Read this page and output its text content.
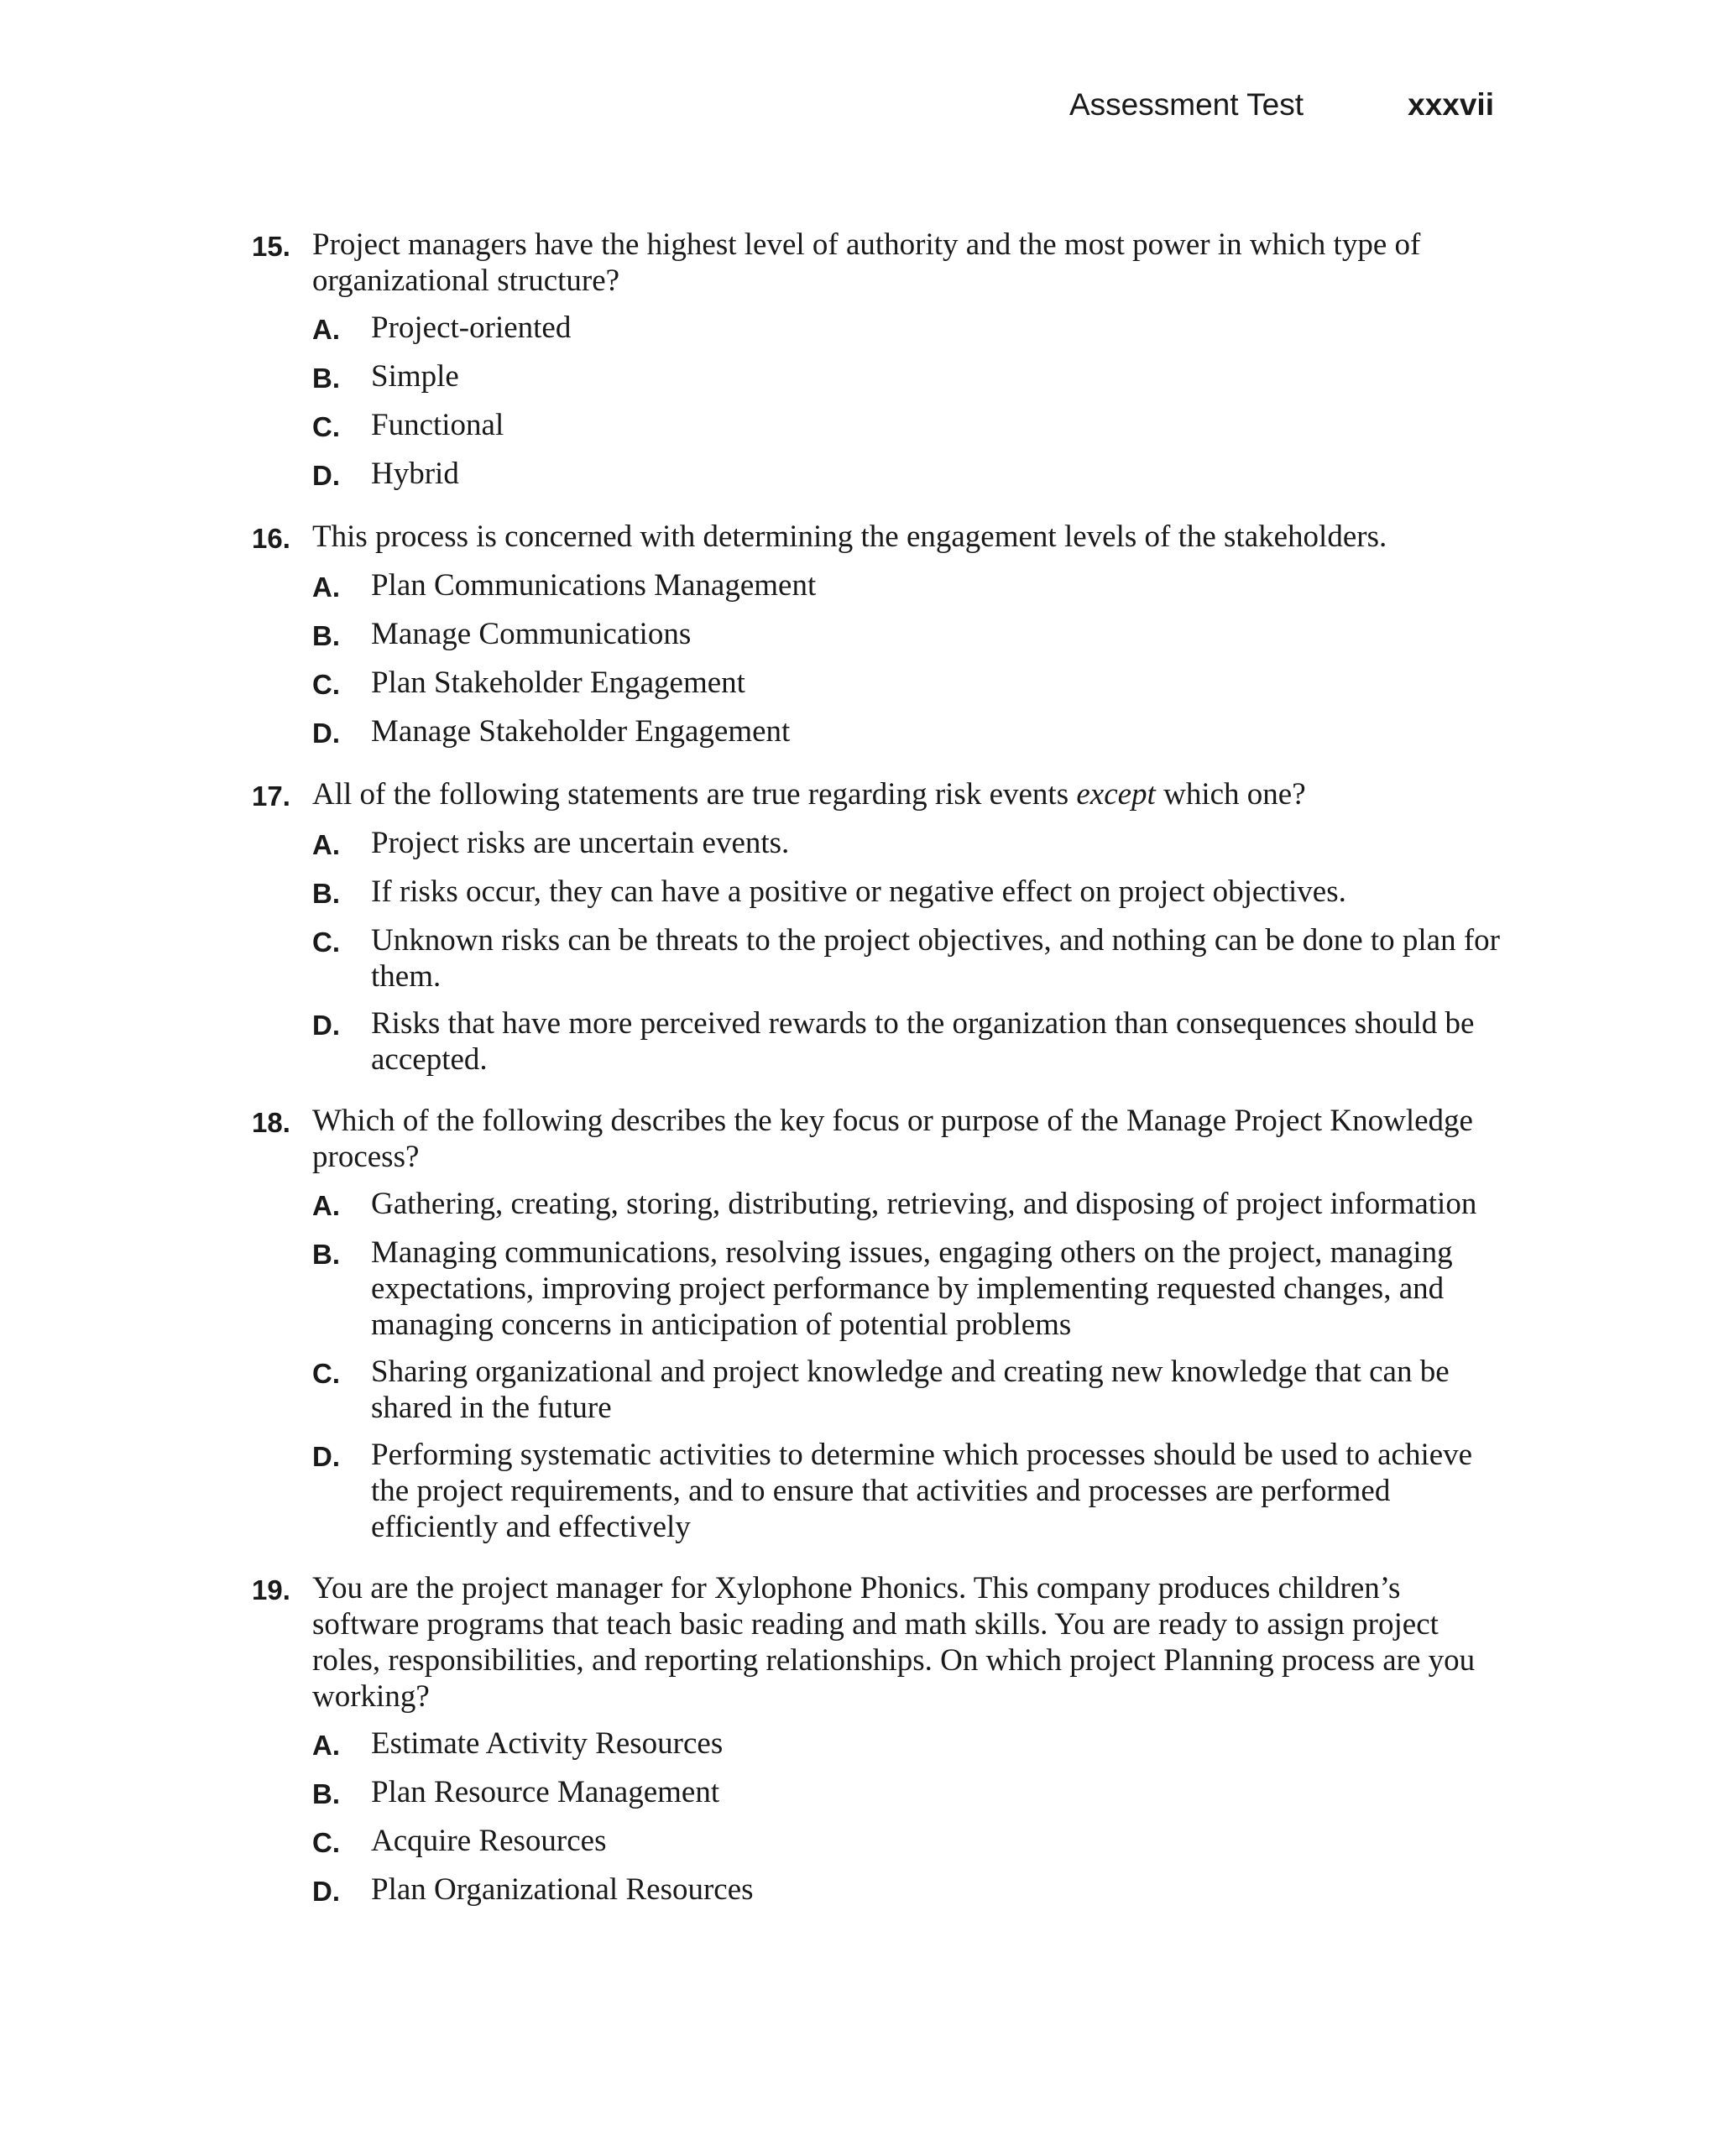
Assessment Test	xxxvii
15. Project managers have the highest level of authority and the most power in which type of organizational structure?
A.	Project-oriented
B.	Simple
C.	Functional
D.	Hybrid
16. This process is concerned with determining the engagement levels of the stakeholders.
A.	Plan Communications Management
B.	Manage Communications
C.	Plan Stakeholder Engagement
D.	Manage Stakeholder Engagement
17. All of the following statements are true regarding risk events except which one?
A.	Project risks are uncertain events.
B.	If risks occur, they can have a positive or negative effect on project objectives.
C.	Unknown risks can be threats to the project objectives, and nothing can be done to plan for them.
D.	Risks that have more perceived rewards to the organization than consequences should be accepted.
18. Which of the following describes the key focus or purpose of the Manage Project Knowledge process?
A.	Gathering, creating, storing, distributing, retrieving, and disposing of project information
B.	Managing communications, resolving issues, engaging others on the project, managing expectations, improving project performance by implementing requested changes, and managing concerns in anticipation of potential problems
C.	Sharing organizational and project knowledge and creating new knowledge that can be shared in the future
D.	Performing systematic activities to determine which processes should be used to achieve the project requirements, and to ensure that activities and processes are performed efficiently and effectively
19. You are the project manager for Xylophone Phonics. This company produces children’s software programs that teach basic reading and math skills. You are ready to assign project roles, responsibilities, and reporting relationships. On which project Planning process are you working?
A.	Estimate Activity Resources
B.	Plan Resource Management
C.	Acquire Resources
D.	Plan Organizational Resources
